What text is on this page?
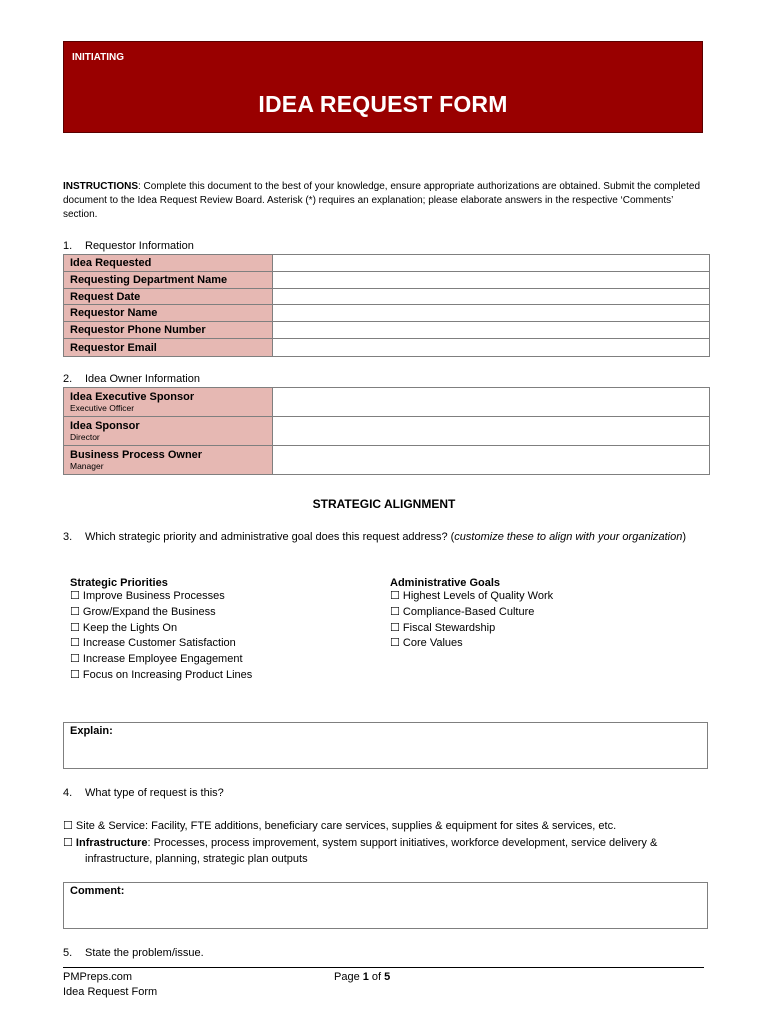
INITIATING
IDEA REQUEST FORM
INSTRUCTIONS: Complete this document to the best of your knowledge, ensure appropriate authorizations are obtained. Submit the completed document to the Idea Request Review Board. Asterisk (*) requires an explanation; please elaborate answers in the respective ‘Comments’ section.
1. Requestor Information
Idea Requested	
Requesting Department Name	
Request Date	
Requestor Name	
Requestor Phone Number	
Requestor Email	
2. Idea Owner Information
Idea Executive Sponsor
Executive Officer	

Idea Sponsor
Director	

Business Process Owner
Manager	

STRATEGIC ALIGNMENT
3.	Which strategic priority and administrative goal does this request address? (customize these to align with your organization)
Strategic Priorities
☐ Improve Business Processes
☐ Grow/Expand the Business
☐ Keep the Lights On
☐ Increase Customer Satisfaction
☐ Increase Employee Engagement
☐ Focus on Increasing Product Lines
Administrative Goals
☐ Highest Levels of Quality Work
☐ Compliance-Based Culture
☐ Fiscal Stewardship
☐ Core Values
Explain:
4. What type of request is this?
☐ Site & Service: Facility, FTE additions, beneficiary care services, supplies & equipment for sites & services, etc.
☐ Infrastructure: Processes, process improvement, system support initiatives, workforce development, service delivery &
infrastructure, planning, strategic plan outputs
Comment:
5. State the problem/issue.
PMPreps.com
Idea Request Form
Page 1 of 5
